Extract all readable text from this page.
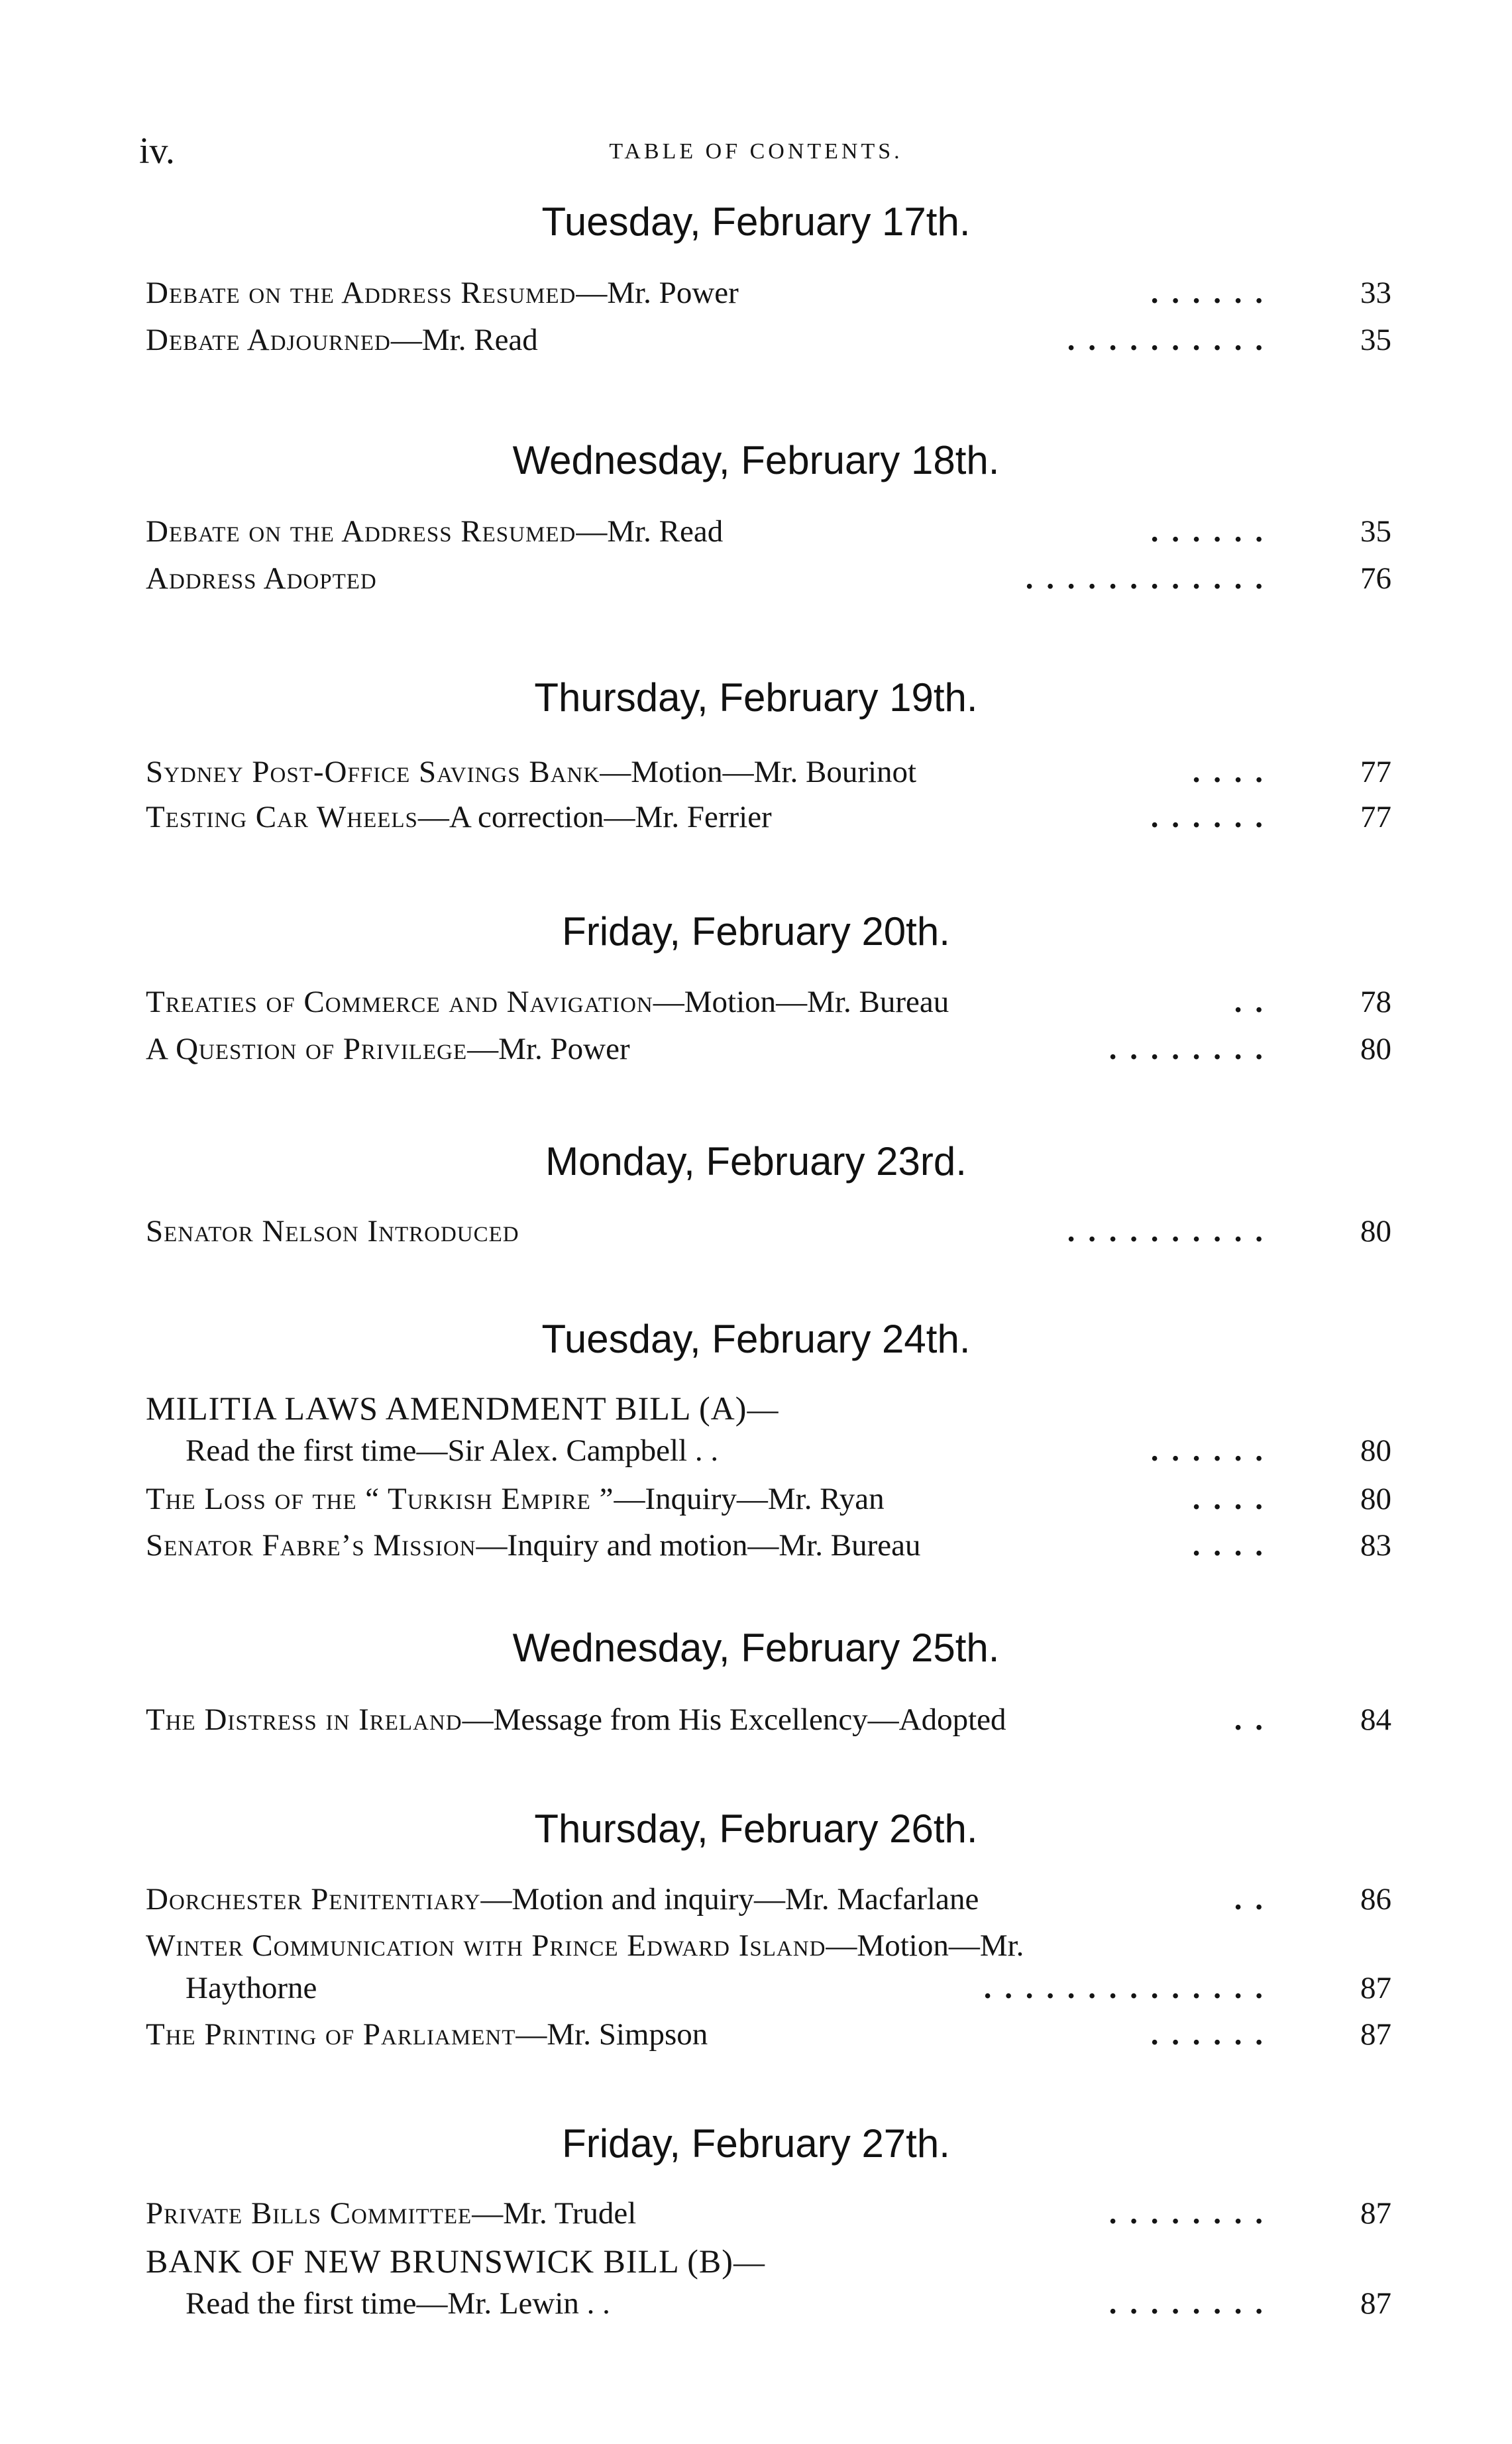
iv.	TABLE OF CONTENTS.
Tuesday, February 17th.
Debate on the Address Resumed—Mr. Power	. . . . . .	33
Debate Adjourned—Mr. Read	. . . . . . . . . .	35
Wednesday, February 18th.
Debate on the Address Resumed—Mr. Read	. . . . . .	35
Address Adopted	. . . . . . . . . . . .	76
Thursday, February 19th.
Sydney Post-Office Savings Bank—Motion—Mr. Bourinot	. . . .	77
Testing Car Wheels—A correction—Mr. Ferrier	. . . . . .	77
Friday, February 20th.
Treaties of Commerce and Navigation—Motion—Mr. Bureau	. .	78
A Question of Privilege—Mr. Power	. . . . . . . .	80
Monday, February 23rd.
Senator Nelson Introduced	. . . . . . . . . .	80
Tuesday, February 24th.
MILITIA LAWS AMENDMENT BILL (A)—
Read the first time—Sir Alex. Campbell . .	. . . . . .	80
The Loss of the “ Turkish Empire ”—Inquiry—Mr. Ryan	. . . .	80
Senator Fabre’s Mission—Inquiry and motion—Mr. Bureau	. . . .	83
Wednesday, February 25th.
The Distress in Ireland—Message from His Excellency—Adopted	. .	84
Thursday, February 26th.
Dorchester Penitentiary—Motion and inquiry—Mr. Macfarlane	. .	86
Winter Communication with Prince Edward Island—Motion—Mr.
Haythorne	. . . . . . . . . . . . . .	87
The Printing of Parliament—Mr. Simpson	. . . . . .	87
Friday, February 27th.
Private Bills Committee—Mr. Trudel	. . . . . . . .	87
BANK OF NEW BRUNSWICK BILL (B)—
Read the first time—Mr. Lewin . .	. . . . . . . .	87
